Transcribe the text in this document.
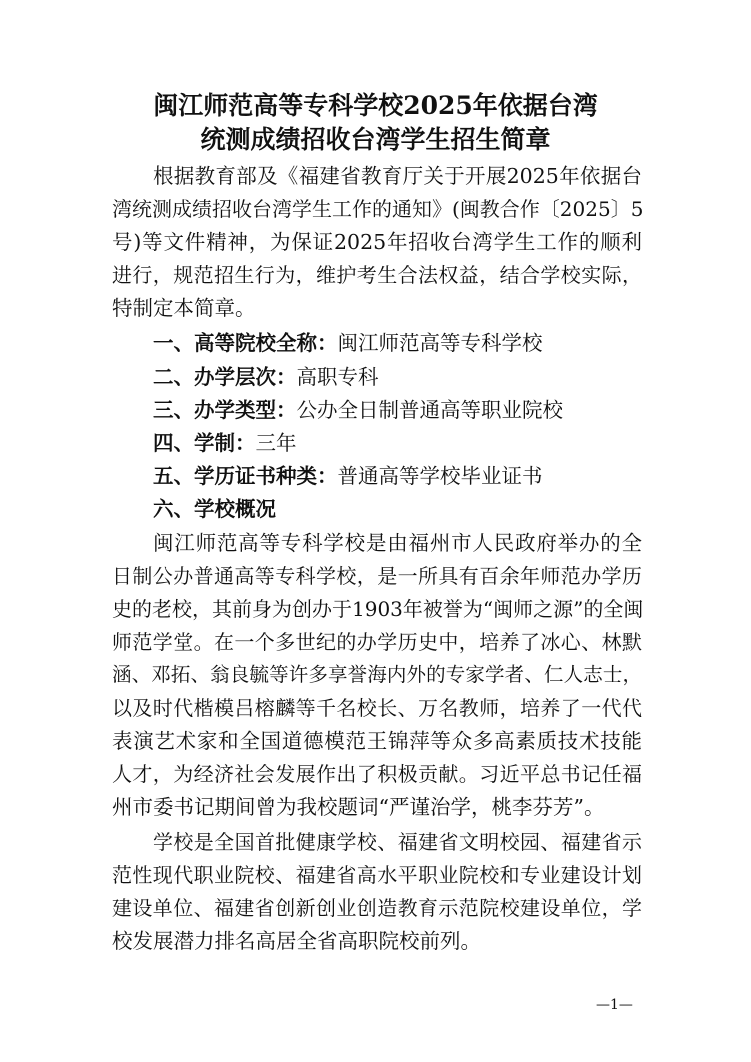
闽江师范高等专科学校2025年依据台湾
统测成绩招收台湾学生招生简章
根据教育部及《福建省教育厅关于开展2025年依据台
湾统测成绩招收台湾学生工作的通知》(闽教合作〔2025〕5
号)等文件精神，为保证2025年招收台湾学生工作的顺利
进行，规范招生行为，维护考生合法权益，结合学校实际，
特制定本简章。
一、高等院校全称：闽江师范高等专科学校
二、办学层次：高职专科
三、办学类型：公办全日制普通高等职业院校
四、学制：三年
五、学历证书种类：普通高等学校毕业证书
六、学校概况
闽江师范高等专科学校是由福州市人民政府举办的全
日制公办普通高等专科学校，是一所具有百余年师范办学历
史的老校，其前身为创办于1903年被誉为“闽师之源”的全闽
师范学堂。在一个多世纪的办学历史中，培养了冰心、林默
涵、邓拓、翁良毓等许多享誉海内外的专家学者、仁人志士，
以及时代楷模吕榕麟等千名校长、万名教师，培养了一代代
表演艺术家和全国道德模范王锦萍等众多高素质技术技能
人才，为经济社会发展作出了积极贡献。习近平总书记任福
州市委书记期间曾为我校题词“严谨治学，桃李芬芳”。
学校是全国首批健康学校、福建省文明校园、福建省示
范性现代职业院校、福建省高水平职业院校和专业建设计划
建设单位、福建省创新创业创造教育示范院校建设单位，学
校发展潜力排名高居全省高职院校前列。
—1—
